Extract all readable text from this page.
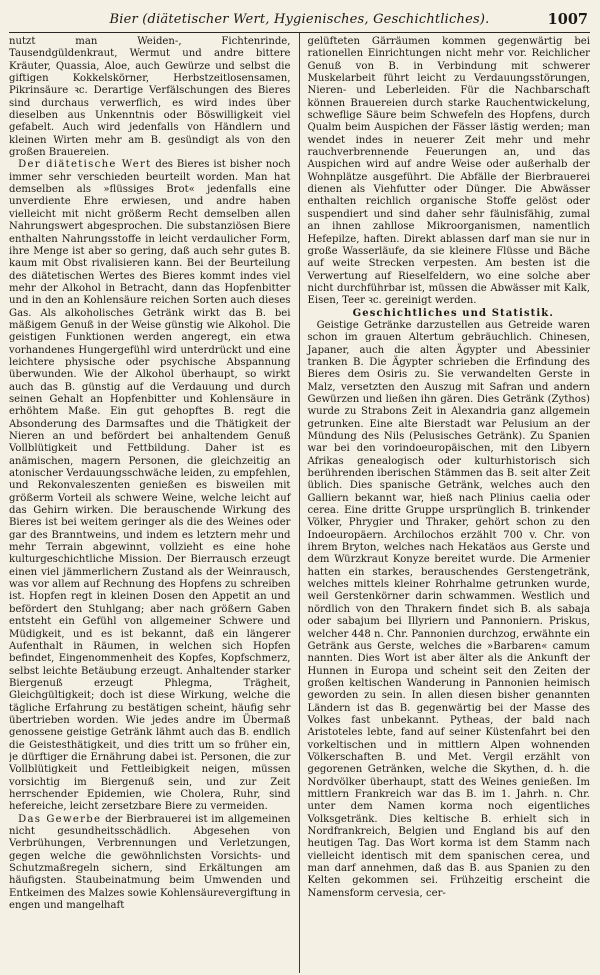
Bier (diätetischer Wert, Hygienisches, Geschichtliches).	1007

nutzt man Weiden-, Fichtenrinde, Tausendgüldenkraut, Wermut und andre bittere Kräuter, Quassia, Aloe, auch Gewürze und selbst die giftigen Kokkelskörner, Herbstzeitlosensamen, Pikrinsäure ꝛc. Derartige Verfälschungen des Bieres sind durchaus verwerflich, es wird indes über dieselben aus Unkenntnis oder Böswilligkeit viel gefabelt. Auch wird jedenfalls von Händlern und kleinen Wirten mehr am B. gesündigt als von den großen Brauereien.

Der diätetische Wert des Bieres ist bisher noch immer sehr verschieden beurteilt worden. Man hat demselben als »flüssiges Brot« jedenfalls eine unverdiente Ehre erwiesen, und andre haben vielleicht mit nicht größerm Recht demselben allen Nahrungswert abgesprochen. Die substanziösen Biere enthalten Nahrungsstoffe in leicht verdaulicher Form, ihre Menge ist aber so gering, daß auch sehr gutes B. kaum mit Obst rivalisieren kann. Bei der Beurteilung des diätetischen Wertes des Bieres kommt indes viel mehr der Alkohol in Betracht, dann das Hopfenbitter und in den an Kohlensäure reichen Sorten auch dieses Gas. Als alkoholisches Getränk wirkt das B. bei mäßigem Genuß in der Weise günstig wie Alkohol. Die geistigen Funktionen werden angeregt, ein etwa vorhandenes Hungergefühl wird unterdrückt und eine leichtere physische oder psychische Abspannung überwunden. Wie der Alkohol überhaupt, so wirkt auch das B. günstig auf die Verdauung und durch seinen Gehalt an Hopfenbitter und Kohlensäure in erhöhtem Maße. Ein gut gehopftes B. regt die Absonderung des Darmsaftes und die Thätigkeit der Nieren an und befördert bei anhaltendem Genuß Vollblütigkeit und Fettbildung. Daher ist es anämischen, magern Personen, die gleichzeitig an atonischer Verdauungsschwäche leiden, zu empfehlen, und Rekonvaleszenten genießen es bisweilen mit größerm Vorteil als schwere Weine, welche leicht auf das Gehirn wirken. Die berauschende Wirkung des Bieres ist bei weitem geringer als die des Weines oder gar des Branntweins, und indem es letztern mehr und mehr Terrain abgewinnt, vollzieht es eine hohe kulturgeschichtliche Mission. Der Bierrausch erzeugt einen viel jämmerlichern Zustand als der Weinrausch, was vor allem auf Rechnung des Hopfens zu schreiben ist. Hopfen regt in kleinen Dosen den Appetit an und befördert den Stuhlgang; aber nach größern Gaben entsteht ein Gefühl von allgemeiner Schwere und Müdigkeit, und es ist bekannt, daß ein längerer Aufenthalt in Räumen, in welchen sich Hopfen befindet, Eingenommenheit des Kopfes, Kopfschmerz, selbst leichte Betäubung erzeugt. Anhaltender starker Biergenuß erzeugt Phlegma, Trägheit, Gleichgültigkeit; doch ist diese Wirkung, welche die tägliche Erfahrung zu bestätigen scheint, häufig sehr übertrieben worden. Wie jedes andre im Übermaß genossene geistige Getränk lähmt auch das B. endlich die Geistesthätigkeit, und dies tritt um so früher ein, je dürftiger die Ernährung dabei ist. Personen, die zur Vollblütigkeit und Fettleibigkeit neigen, müssen vorsichtig im Biergenuß sein, und zur Zeit herrschender Epidemien, wie Cholera, Ruhr, sind hefereiche, leicht zersetzbare Biere zu vermeiden.

Das Gewerbe der Bierbrauerei ist im allgemeinen nicht gesundheitsschädlich. Abgesehen von Verbrühungen, Verbrennungen und Verletzungen, gegen welche die gewöhnlichsten Vorsichts- und Schutzmaßregeln sichern, sind Erkältungen am häufigsten. Staubeinatmung beim Umwenden und Entkeimen des Malzes sowie Kohlensäurevergiftung in engen und mangelhaft

gelüfteten Gärräumen kommen gegenwärtig bei rationellen Einrichtungen nicht mehr vor. Reichlicher Genuß von B. in Verbindung mit schwerer Muskelarbeit führt leicht zu Verdauungsstörungen, Nieren- und Leberleiden. Für die Nachbarschaft können Brauereien durch starke Rauchentwickelung, schweflige Säure beim Schwefeln des Hopfens, durch Qualm beim Auspichen der Fässer lästig werden; man wendet indes in neuerer Zeit mehr und mehr rauchverbrennende Feuerungen an, und das Auspichen wird auf andre Weise oder außerhalb der Wohnplätze ausgeführt. Die Abfälle der Bierbrauerei dienen als Viehfutter oder Dünger. Die Abwässer enthalten reichlich organische Stoffe gelöst oder suspendiert und sind daher sehr fäulnisfähig, zumal an ihnen zahllose Mikroorganismen, namentlich Hefepilze, haften. Direkt ablassen darf man sie nur in große Wasserläufe, da sie kleinere Flüsse und Bäche auf weite Strecken verpesten. Am besten ist die Verwertung auf Rieselfeldern, wo eine solche aber nicht durchführbar ist, müssen die Abwässer mit Kalk, Eisen, Teer ꝛc. gereinigt werden.

Geschichtliches und Statistik.

Geistige Getränke darzustellen aus Getreide waren schon im grauen Altertum gebräuchlich. Chinesen, Japaner, auch die alten Ägypter und Abessinier tranken B. Die Ägypter schrieben die Erfindung des Bieres dem Osiris zu. Sie verwandelten Gerste in Malz, versetzten den Auszug mit Safran und andern Gewürzen und ließen ihn gären. Dies Getränk (Zythos) wurde zu Strabons Zeit in Alexandria ganz allgemein getrunken. Eine alte Bierstadt war Pelusium an der Mündung des Nils (Pelusisches Getränk). Zu Spanien war bei den vorindoeuropäischen, mit den Libyern Afrikas genealogisch oder kulturhistorisch sich berührenden iberischen Stämmen das B. seit alter Zeit üblich. Dies spanische Getränk, welches auch den Galliern bekannt war, hieß nach Plinius caelia oder cerea. Eine dritte Gruppe ursprünglich B. trinkender Völker, Phrygier und Thraker, gehört schon zu den Indoeuropäern. Archilochos erzählt 700 v. Chr. von ihrem Bryton, welches nach Hekatäos aus Gerste und dem Würzkraut Konyze bereitet wurde. Die Armenier hatten ein starkes, berauschendes Gerstengetränk, welches mittels kleiner Rohrhalme getrunken wurde, weil Gerstenkörner darin schwammen. Westlich und nördlich von den Thrakern findet sich B. als sabaja oder sabajum bei Illyriern und Pannoniern. Priskus, welcher 448 n. Chr. Pannonien durchzog, erwähnte ein Getränk aus Gerste, welches die »Barbaren« camum nannten. Dies Wort ist aber älter als die Ankunft der Hunnen in Europa und scheint seit den Zeiten der großen keltischen Wanderung in Pannonien heimisch geworden zu sein. In allen diesen bisher genannten Ländern ist das B. gegenwärtig bei der Masse des Volkes fast unbekannt. Pytheas, der bald nach Aristoteles lebte, fand auf seiner Küstenfahrt bei den vorkeltischen und in mittlern Alpen wohnenden Völkerschaften B. und Met. Vergil erzählt von gegorenen Getränken, welche die Skythen, d. h. die Nordvölker überhaupt, statt des Weines genießen. Im mittlern Frankreich war das B. im 1. Jahrh. n. Chr. unter dem Namen korma noch eigentliches Volksgetränk. Dies keltische B. erhielt sich in Nordfrankreich, Belgien und England bis auf den heutigen Tag. Das Wort korma ist dem Stamm nach vielleicht identisch mit dem spanischen cerea, und man darf annehmen, daß das B. aus Spanien zu den Kelten gekommen sei. Frühzeitig erscheint die Namensform cervesia, cer-
